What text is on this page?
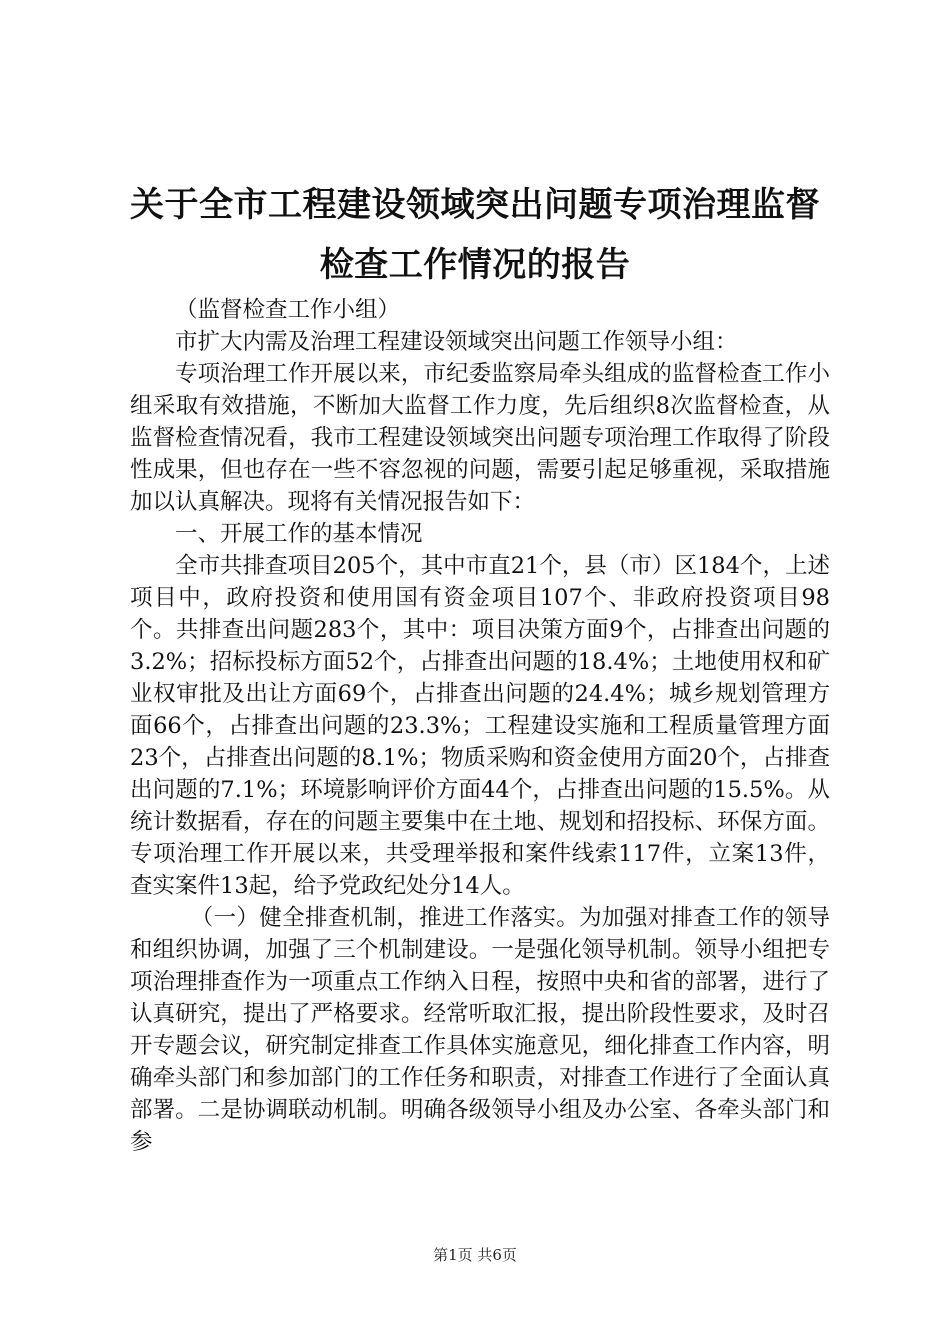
关于全市工程建设领域突出问题专项治理监督
检查工作情况的报告

（监督检查工作小组）

市扩大内需及治理工程建设领域突出问题工作领导小组：

专项治理工作开展以来，市纪委监察局牵头组成的监督检查工作小组采取有效措施，不断加大监督工作力度，先后组织8次监督检查，从监督检查情况看，我市工程建设领域突出问题专项治理工作取得了阶段性成果，但也存在一些不容忽视的问题，需要引起足够重视，采取措施加以认真解决。现将有关情况报告如下：

一、开展工作的基本情况

全市共排查项目205个，其中市直21个，县（市）区184个，上述项目中，政府投资和使用国有资金项目107个、非政府投资项目98个。共排查出问题283个，其中：项目决策方面9个，占排查出问题的3.2%；招标投标方面52个，占排查出问题的18.4%；土地使用权和矿业权审批及出让方面69个，占排查出问题的24.4%；城乡规划管理方面66个，占排查出问题的23.3%；工程建设实施和工程质量管理方面23个，占排查出问题的8.1%；物质采购和资金使用方面20个，占排查出问题的7.1%；环境影响评价方面44个，占排查出问题的15.5%。从统计数据看，存在的问题主要集中在土地、规划和招投标、环保方面。专项治理工作开展以来，共受理举报和案件线索117件，立案13件，查实案件13起，给予党政纪处分14人。

（一）健全排查机制，推进工作落实。为加强对排查工作的领导和组织协调，加强了三个机制建设。一是强化领导机制。领导小组把专项治理排查作为一项重点工作纳入日程，按照中央和省的部署，进行了认真研究，提出了严格要求。经常听取汇报，提出阶段性要求，及时召开专题会议，研究制定排查工作具体实施意见，细化排查工作内容，明确牵头部门和参加部门的工作任务和职责，对排查工作进行了全面认真部署。二是协调联动机制。明确各级领导小组及办公室、各牵头部门和参

第1页 共6页
